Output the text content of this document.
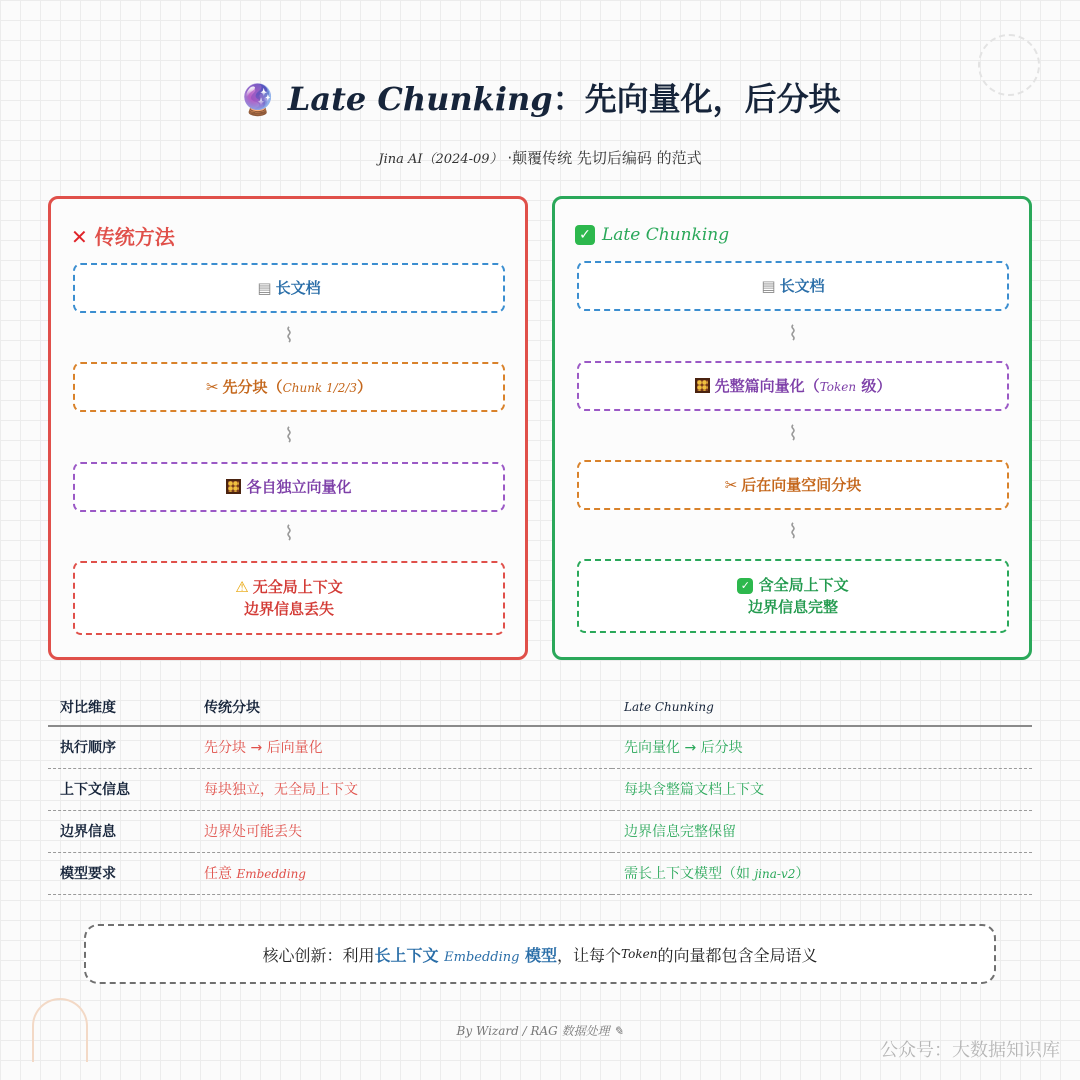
🔮 Late Chunking：先向量化，后分块
Jina AI（2024-09） ·颠覆传统 先切后编码 的范式
✕ 传统方法
▤ 长文档
⌇
✂ 先分块（Chunk 1/2/3）
⌇
各自独立向量化
⌇
⚠ 无全局上下文
边界信息丢失
✓ Late Chunking
▤ 长文档
⌇
先整篇向量化（Token 级）
⌇
✂ 后在向量空间分块
⌇
✓ 含全局上下文
边界信息完整
对比维度	传统分块	Late Chunking
执行顺序	先分块 → 后向量化	先向量化 → 后分块
上下文信息	每块独立，无全局上下文	每块含整篇文档上下文
边界信息	边界处可能丢失	边界信息完整保留
模型要求	任意 Embedding	需长上下文模型（如 jina-v2）
核心创新：利用 长上下文 Embedding 模型 ，让每个 Token 的向量都包含全局语义
By Wizard / RAG 数据处理 ✎
公众号：大数据知识库
